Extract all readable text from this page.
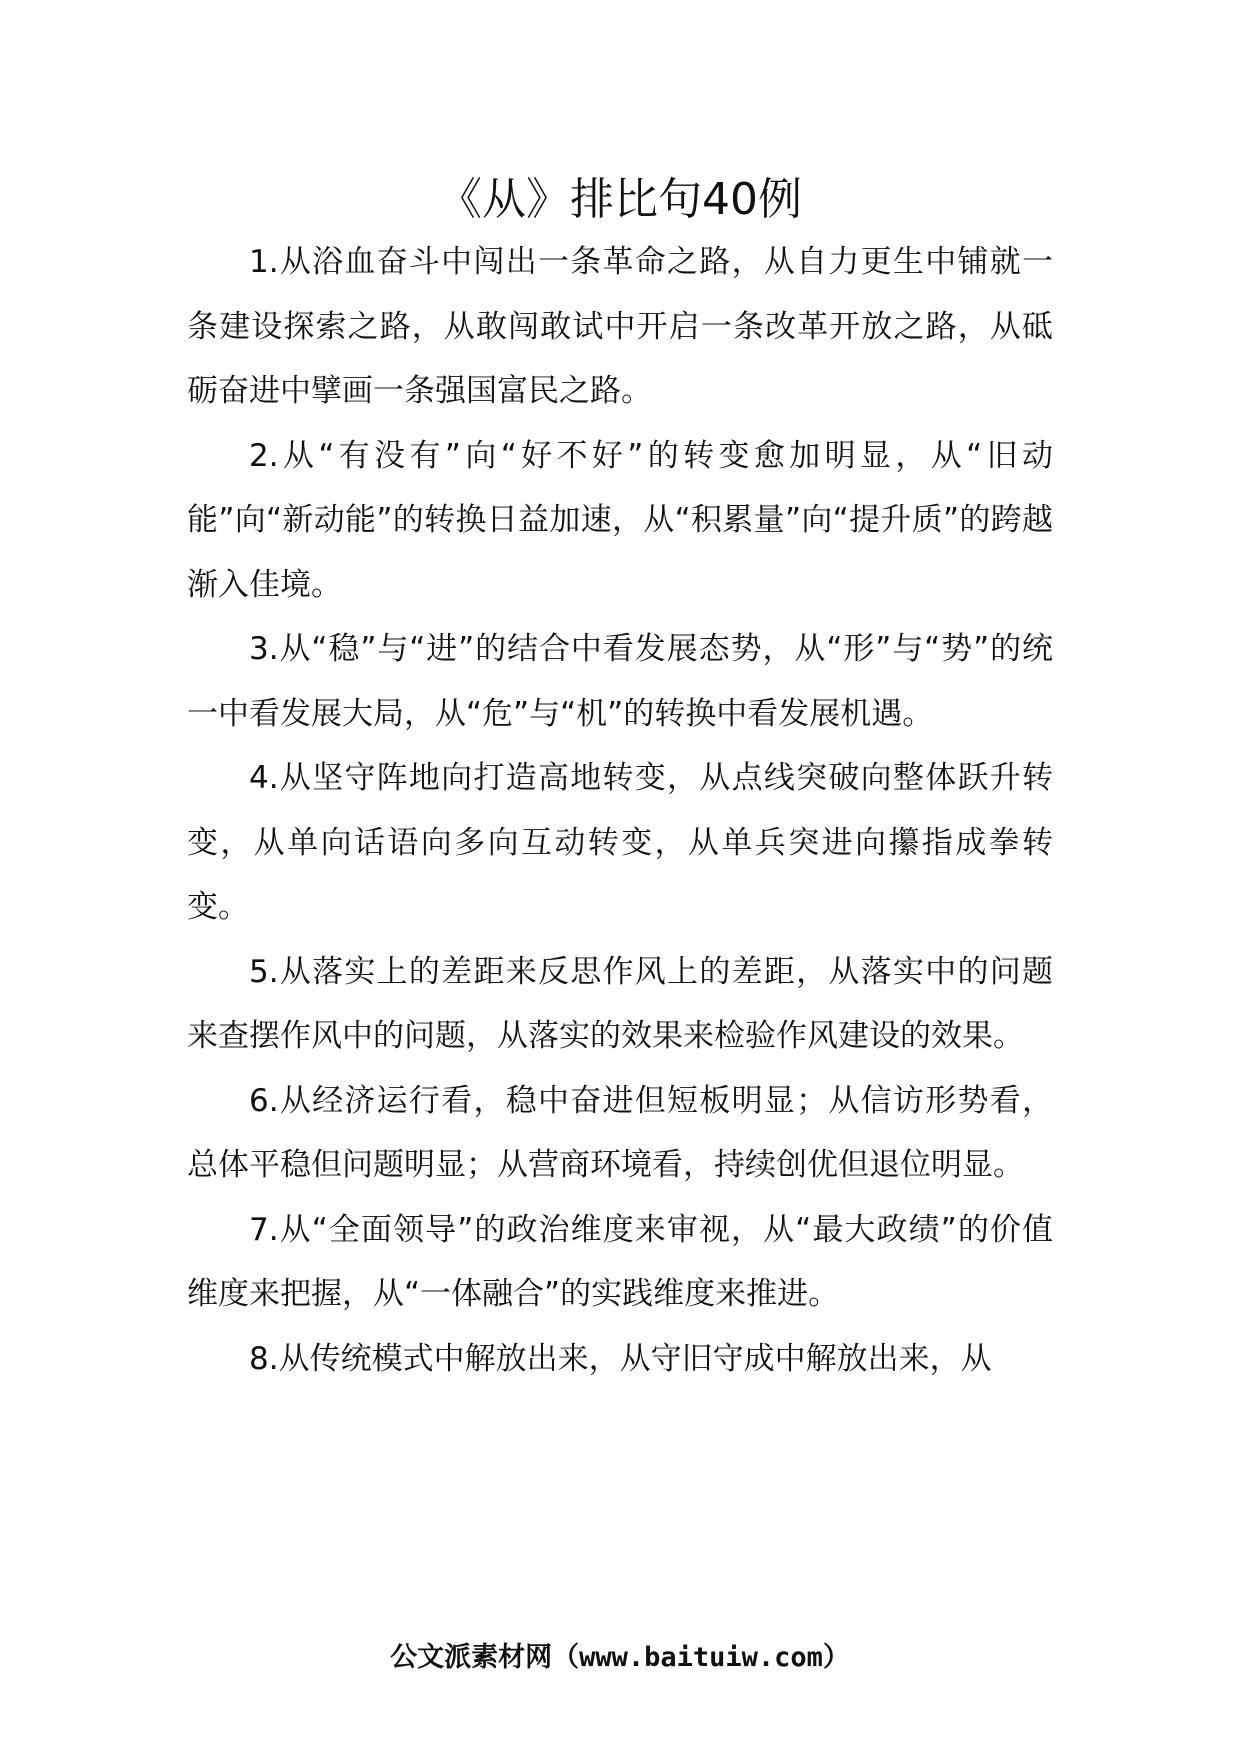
《从》排比句40例

1.从浴血奋斗中闯出一条革命之路，从自力更生中铺就一条建设探索之路，从敢闯敢试中开启一条改革开放之路，从砥砺奋进中擘画一条强国富民之路。

2.从“有没有”向“好不好”的转变愈加明显，从“旧动能”向“新动能”的转换日益加速，从“积累量”向“提升质”的跨越渐入佳境。

3.从“稳”与“进”的结合中看发展态势，从“形”与“势”的统一中看发展大局，从“危”与“机”的转换中看发展机遇。

4.从坚守阵地向打造高地转变，从点线突破向整体跃升转变，从单向话语向多向互动转变，从单兵突进向攥指成拳转变。

5.从落实上的差距来反思作风上的差距，从落实中的问题来查摆作风中的问题，从落实的效果来检验作风建设的效果。

6.从经济运行看，稳中奋进但短板明显；从信访形势看，总体平稳但问题明显；从营商环境看，持续创优但退位明显。

7.从“全面领导”的政治维度来审视，从“最大政绩”的价值维度来把握，从“一体融合”的实践维度来推进。

8.从传统模式中解放出来，从守旧守成中解放出来，从

公文派素材网（www.baituiw.com）
